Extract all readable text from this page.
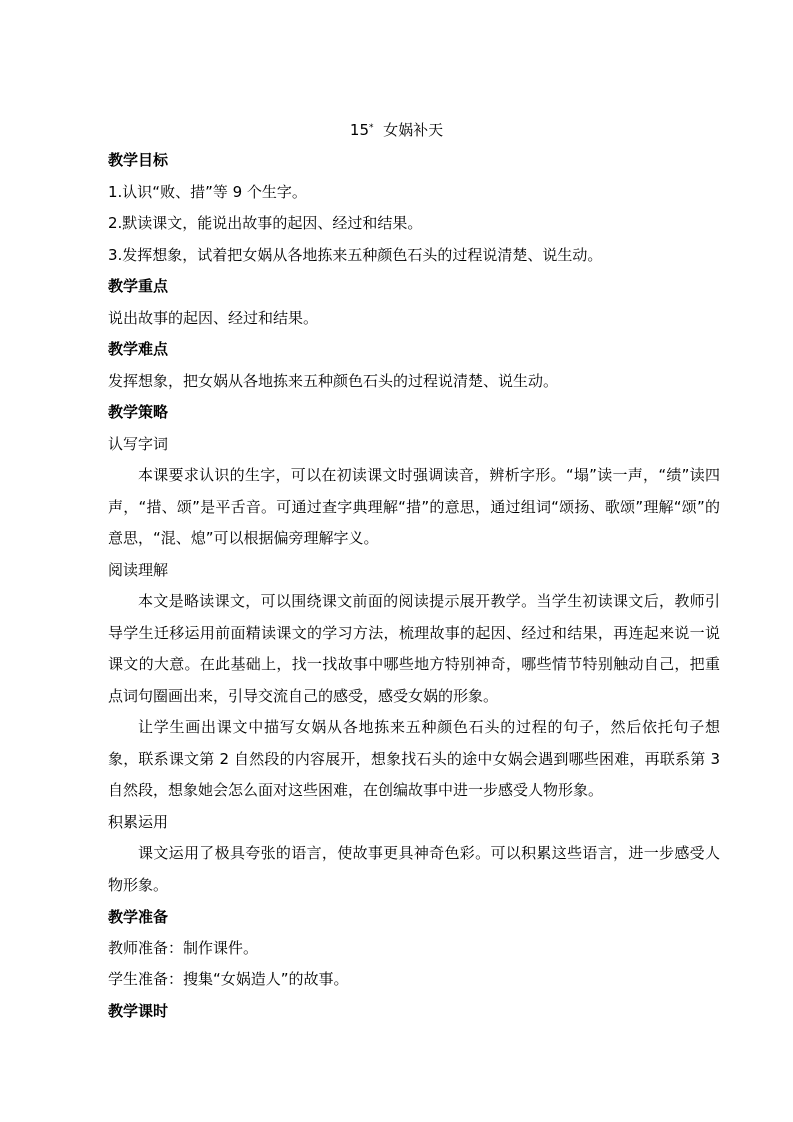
15* 女娲补天
教学目标
1.认识“败、措”等 9 个生字。
2.默读课文，能说出故事的起因、经过和结果。
3.发挥想象，试着把女娲从各地拣来五种颜色石头的过程说清楚、说生动。
教学重点
说出故事的起因、经过和结果。
教学难点
发挥想象，把女娲从各地拣来五种颜色石头的过程说清楚、说生动。
教学策略
认写字词
本课要求认识的生字，可以在初读课文时强调读音，辨析字形。“塌”读一声，“绩”读四声，“措、颂”是平舌音。可通过查字典理解“措”的意思，通过组词“颂扬、歌颂”理解“颂”的意思，“混、熄”可以根据偏旁理解字义。
阅读理解
本文是略读课文，可以围绕课文前面的阅读提示展开教学。当学生初读课文后，教师引导学生迁移运用前面精读课文的学习方法，梳理故事的起因、经过和结果，再连起来说一说课文的大意。在此基础上，找一找故事中哪些地方特别神奇，哪些情节特别触动自己，把重点词句圈画出来，引导交流自己的感受，感受女娲的形象。
让学生画出课文中描写女娲从各地拣来五种颜色石头的过程的句子，然后依托句子想象，联系课文第 2 自然段的内容展开，想象找石头的途中女娲会遇到哪些困难，再联系第 3 自然段，想象她会怎么面对这些困难，在创编故事中进一步感受人物形象。
积累运用
课文运用了极具夸张的语言，使故事更具神奇色彩。可以积累这些语言，进一步感受人物形象。
教学准备
教师准备：制作课件。
学生准备：搜集“女娲造人”的故事。
教学课时
